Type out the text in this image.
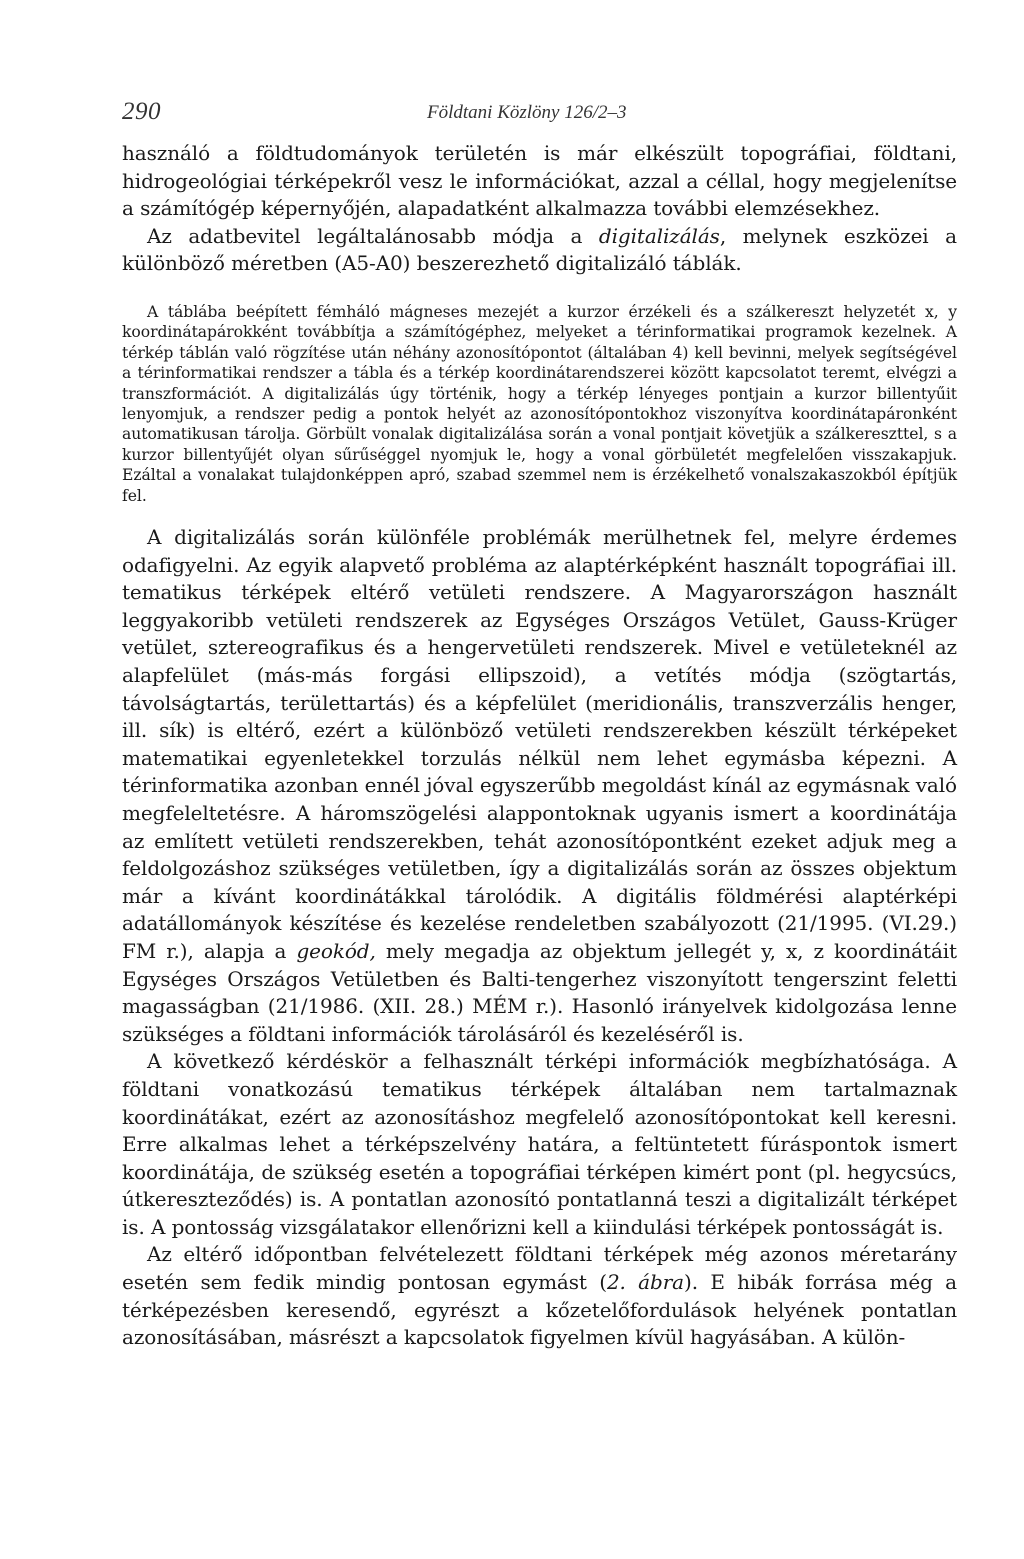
290	Földtani Közlöny 126/2–3

használó a földtudományok területén is már elkészült topográfiai, földtani, hidrogeológiai térképekről vesz le információkat, azzal a céllal, hogy megjelenítse a számítógép képernyőjén, alapadatként alkalmazza további elemzésekhez.

Az adatbevitel legáltalánosabb módja a digitalizálás, melynek eszközei a különböző méretben (A5-A0) beszerezhető digitalizáló táblák.

A táblába beépített fémháló mágneses mezejét a kurzor érzékeli és a szálkereszt helyzetét x, y koordinátapárokként továbbítja a számítógéphez, melyeket a térinformatikai programok kezelnek. A térkép táblán való rögzítése után néhány azonosítópontot (általában 4) kell bevinni, melyek segítségével a térinformatikai rendszer a tábla és a térkép koordinátarendszerei között kapcsolatot teremt, elvégzi a transzformációt. A digitalizálás úgy történik, hogy a térkép lényeges pontjain a kurzor billentyűit lenyomjuk, a rendszer pedig a pontok helyét az azonosítópontokhoz viszonyítva koordinátapáronként automatikusan tárolja. Görbült vonalak digitalizálása során a vonal pontjait követjük a szálkereszttel, s a kurzor billentyűjét olyan sűrűséggel nyomjuk le, hogy a vonal görbületét megfelelően visszakapjuk. Ezáltal a vonalakat tulajdonképpen apró, szabad szemmel nem is érzékelhető vonalszakaszokból építjük fel.

A digitalizálás során különféle problémák merülhetnek fel, melyre érdemes odafigyelni. Az egyik alapvető probléma az alaptérképként használt topográfiai ill. tematikus térképek eltérő vetületi rendszere. A Magyarországon használt leggyakoribb vetületi rendszerek az Egységes Országos Vetület, Gauss-Krüger vetület, sztereografikus és a hengervetületi rendszerek. Mivel e vetületeknél az alapfelület (más-más forgási ellipszoid), a vetítés módja (szögtartás, távolságtartás, területtartás) és a képfelület (meridionális, transzverzális henger, ill. sík) is eltérő, ezért a különböző vetületi rendszerekben készült térképeket matematikai egyenletekkel torzulás nélkül nem lehet egymásba képezni. A térinformatika azonban ennél jóval egyszerűbb megoldást kínál az egymásnak való megfeleltetésre. A háromszögelési alappontoknak ugyanis ismert a koordinátája az említett vetületi rendszerekben, tehát azonosítópontként ezeket adjuk meg a feldolgozáshoz szükséges vetületben, így a digitalizálás során az összes objektum már a kívánt koordinátákkal tárolódik. A digitális földmérési alaptérképi adatállományok készítése és kezelése rendeletben szabályozott (21/1995. (VI.29.) FM r.), alapja a geokód, mely megadja az objektum jellegét y, x, z koordinátáit Egységes Országos Vetületben és Balti-tengerhez viszonyított tengerszint feletti magasságban (21/1986. (XII. 28.) MÉM r.). Hasonló irányelvek kidolgozása lenne szükséges a földtani információk tárolásáról és kezeléséről is.

A következő kérdéskör a felhasznált térképi információk megbízhatósága. A földtani vonatkozású tematikus térképek általában nem tartalmaznak koordinátákat, ezért az azonosításhoz megfelelő azonosítópontokat kell keresni. Erre alkalmas lehet a térképszelvény határa, a feltüntetett fúráspontok ismert koordinátája, de szükség esetén a topográfiai térképen kimért pont (pl. hegycsúcs, útkereszteződés) is. A pontatlan azonosító pontatlanná teszi a digitalizált térképet is. A pontosság vizsgálatakor ellenőrizni kell a kiindulási térképek pontosságát is.

Az eltérő időpontban felvételezett földtani térképek még azonos méretarány esetén sem fedik mindig pontosan egymást (2. ábra). E hibák forrása még a térképezésben keresendő, egyrészt a kőzetelőfordulások helyének pontatlan azonosításában, másrészt a kapcsolatok figyelmen kívül hagyásában. A külön-
